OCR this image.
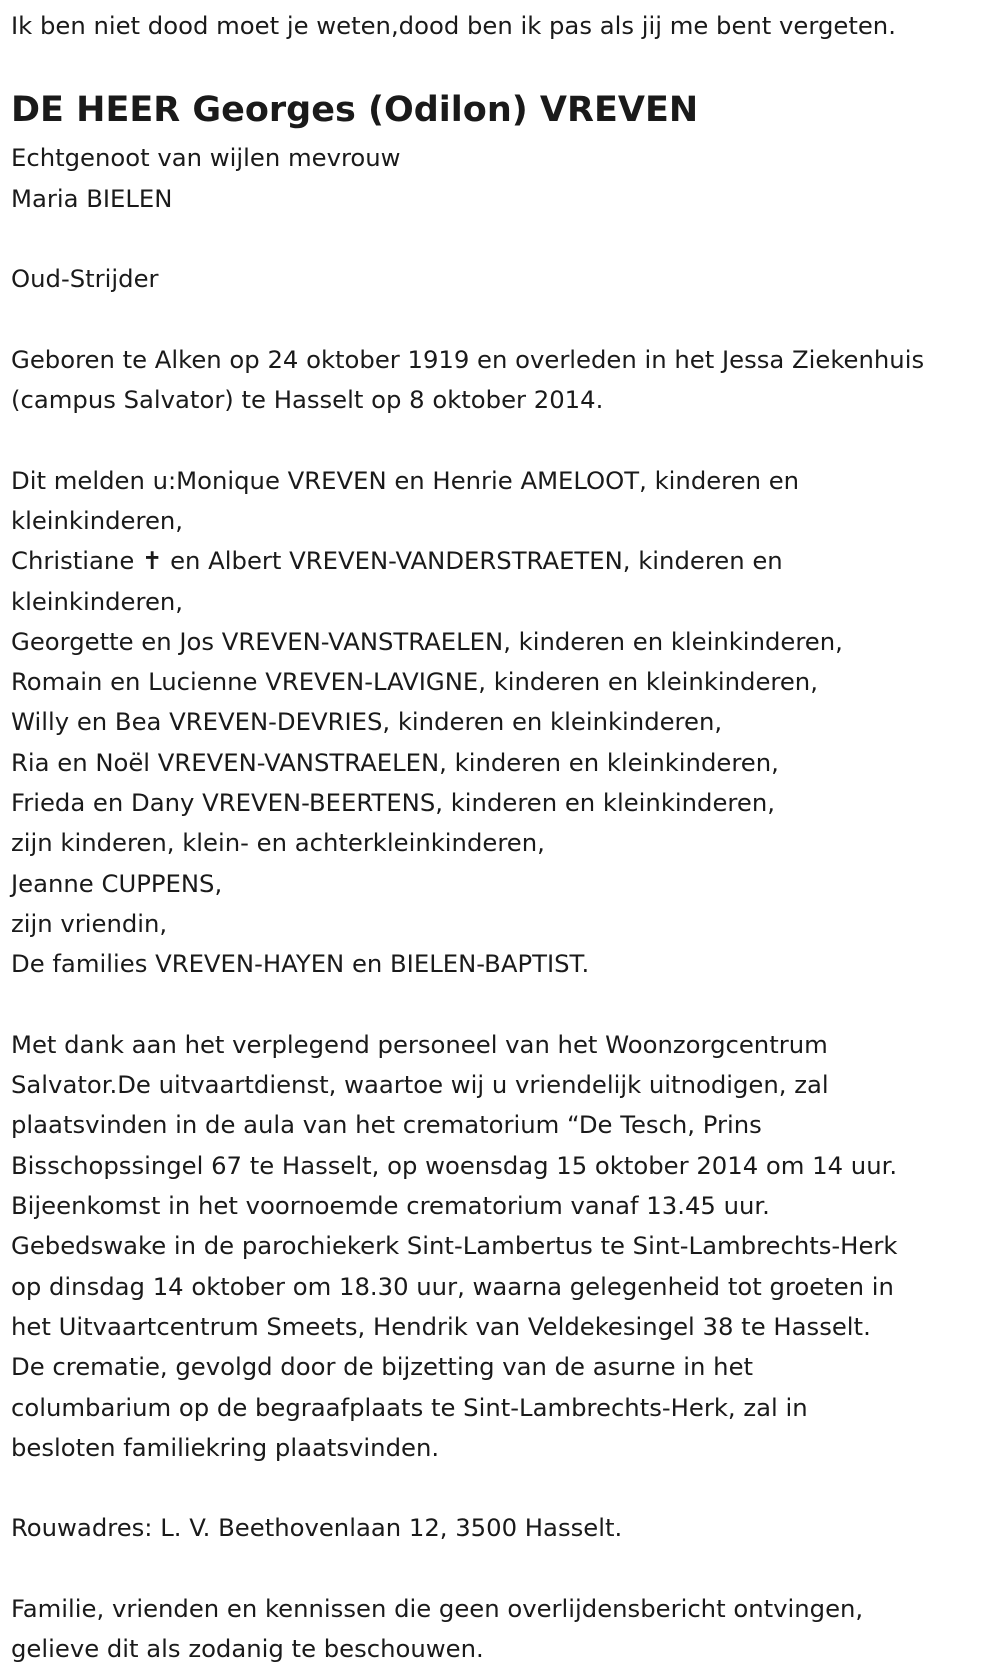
Ik ben niet dood moet je weten,dood ben ik pas als jij me bent vergeten.

DE HEER Georges (Odilon) VREVEN

Echtgenoot van wijlen mevrouw

Maria BIELEN

Oud-Strijder

Geboren te Alken op 24 oktober 1919 en overleden in het Jessa Ziekenhuis

(campus Salvator) te Hasselt op 8 oktober 2014.

Dit melden u:Monique VREVEN en Henrie AMELOOT, kinderen en

kleinkinderen,

Christiane ✝ en Albert VREVEN-VANDERSTRAETEN, kinderen en

kleinkinderen,

Georgette en Jos VREVEN-VANSTRAELEN, kinderen en kleinkinderen,

Romain en Lucienne VREVEN-LAVIGNE, kinderen en kleinkinderen,

Willy en Bea VREVEN-DEVRIES, kinderen en kleinkinderen,

Ria en Noël VREVEN-VANSTRAELEN, kinderen en kleinkinderen,

Frieda en Dany VREVEN-BEERTENS, kinderen en kleinkinderen,

zijn kinderen, klein- en achterkleinkinderen,

Jeanne CUPPENS,

zijn vriendin,

De families VREVEN-HAYEN en BIELEN-BAPTIST.

Met dank aan het verplegend personeel van het Woonzorgcentrum

Salvator.De uitvaartdienst, waartoe wij u vriendelijk uitnodigen, zal

plaatsvinden in de aula van het crematorium “De Tesch, Prins

Bisschopssingel 67 te Hasselt, op woensdag 15 oktober 2014 om 14 uur.

Bijeenkomst in het voornoemde crematorium vanaf 13.45 uur.

Gebedswake in de parochiekerk Sint-Lambertus te Sint-Lambrechts-Herk

op dinsdag 14 oktober om 18.30 uur, waarna gelegenheid tot groeten in

het Uitvaartcentrum Smeets, Hendrik van Veldekesingel 38 te Hasselt.

De crematie, gevolgd door de bijzetting van de asurne in het

columbarium op de begraafplaats te Sint-Lambrechts-Herk, zal in

besloten familiekring plaatsvinden.

Rouwadres: L. V. Beethovenlaan 12, 3500 Hasselt.

Familie, vrienden en kennissen die geen overlijdensbericht ontvingen,

gelieve dit als zodanig te beschouwen.
